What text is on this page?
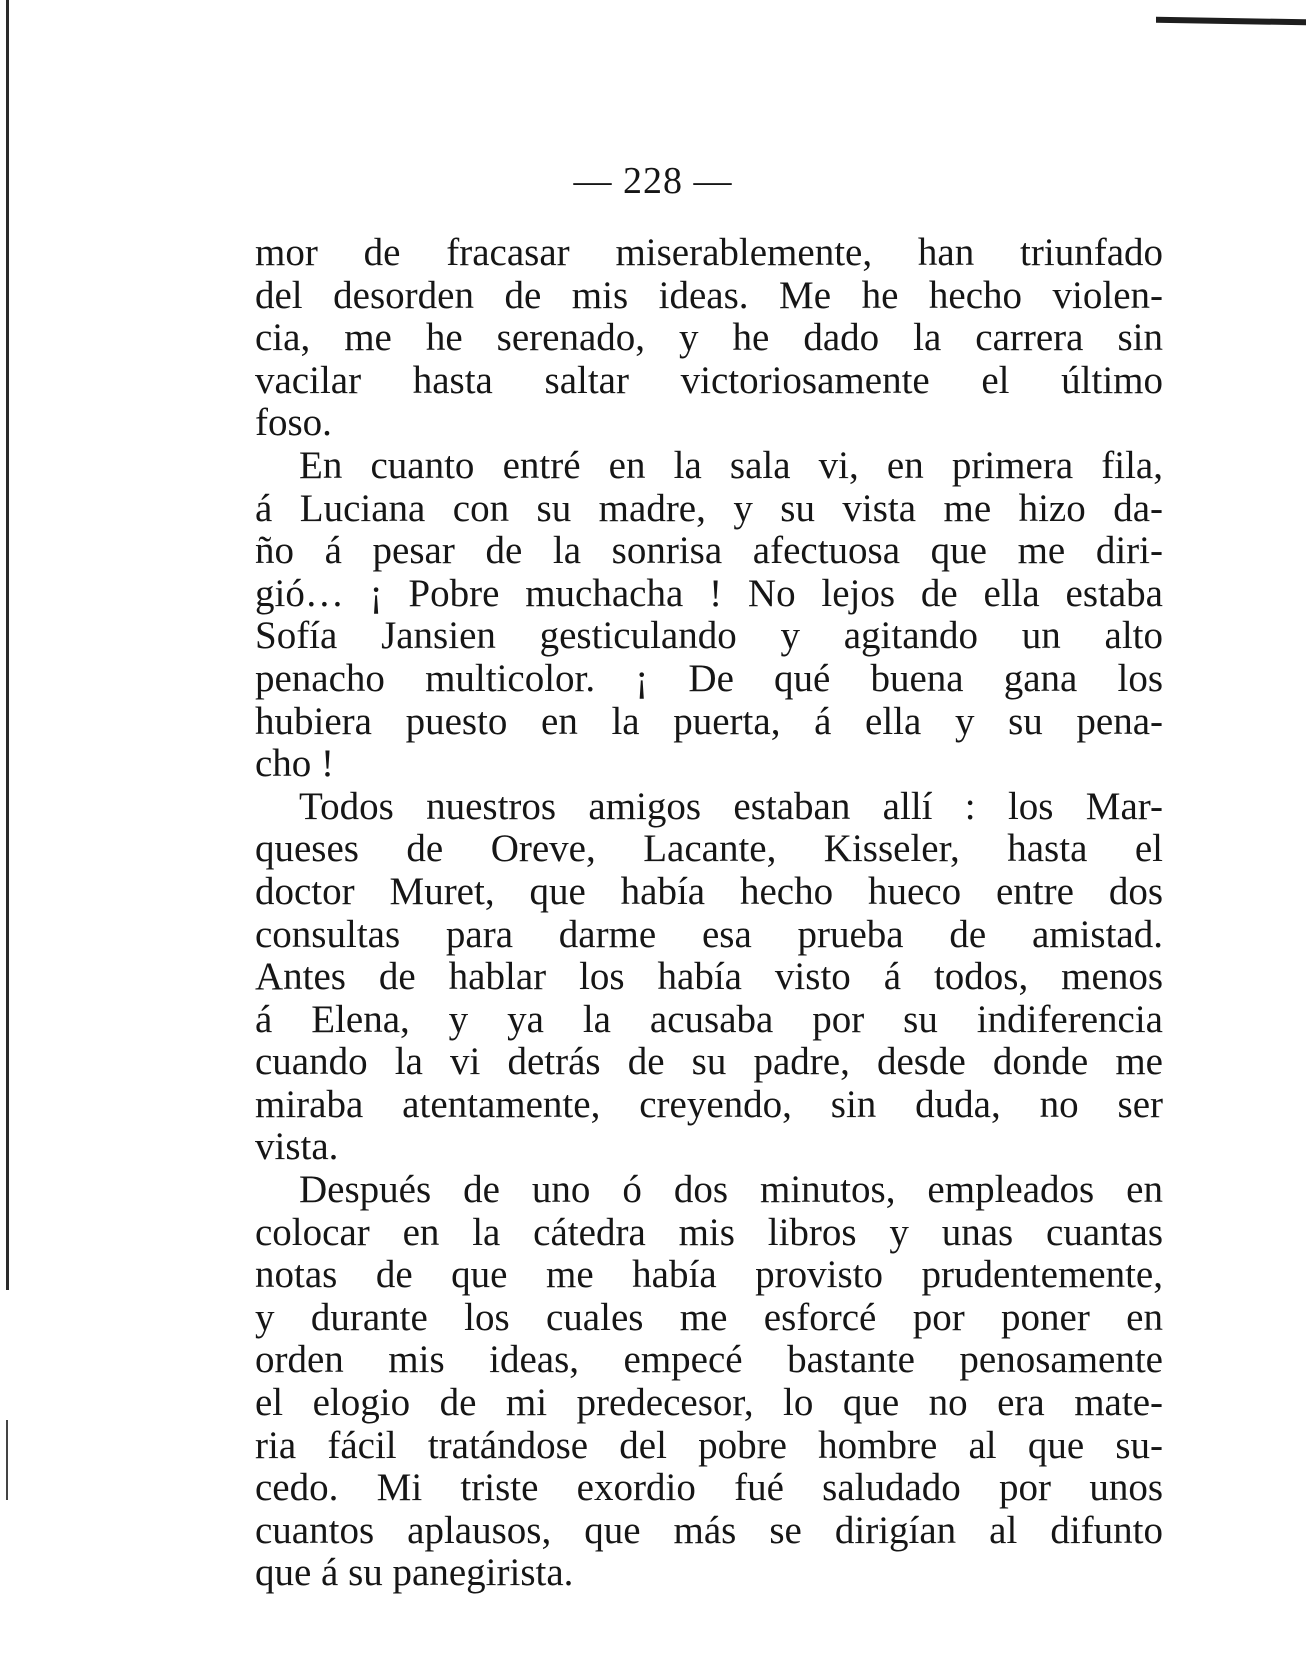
— 228 —
mor de fracasar miserablemente, han triunfado
del desorden de mis ideas. Me he hecho violen-
cia, me he serenado, y he dado la carrera sin
vacilar hasta saltar victoriosamente el último
foso.
En cuanto entré en la sala vi, en primera fila,
á Luciana con su madre, y su vista me hizo da-
ño á pesar de la sonrisa afectuosa que me diri-
gió… ¡ Pobre muchacha ! No lejos de ella estaba
Sofía Jansien gesticulando y agitando un alto
penacho multicolor. ¡ De qué buena gana los
hubiera puesto en la puerta, á ella y su pena-
cho !
Todos nuestros amigos estaban allí : los Mar-
queses de Oreve, Lacante, Kisseler, hasta el
doctor Muret, que había hecho hueco entre dos
consultas para darme esa prueba de amistad.
Antes de hablar los había visto á todos, menos
á Elena, y ya la acusaba por su indiferencia
cuando la vi detrás de su padre, desde donde me
miraba atentamente, creyendo, sin duda, no ser
vista.
Después de uno ó dos minutos, empleados en
colocar en la cátedra mis libros y unas cuantas
notas de que me había provisto prudentemente,
y durante los cuales me esforcé por poner en
orden mis ideas, empecé bastante penosamente
el elogio de mi predecesor, lo que no era mate-
ria fácil tratándose del pobre hombre al que su-
cedo. Mi triste exordio fué saludado por unos
cuantos aplausos, que más se dirigían al difunto
que á su panegirista.
